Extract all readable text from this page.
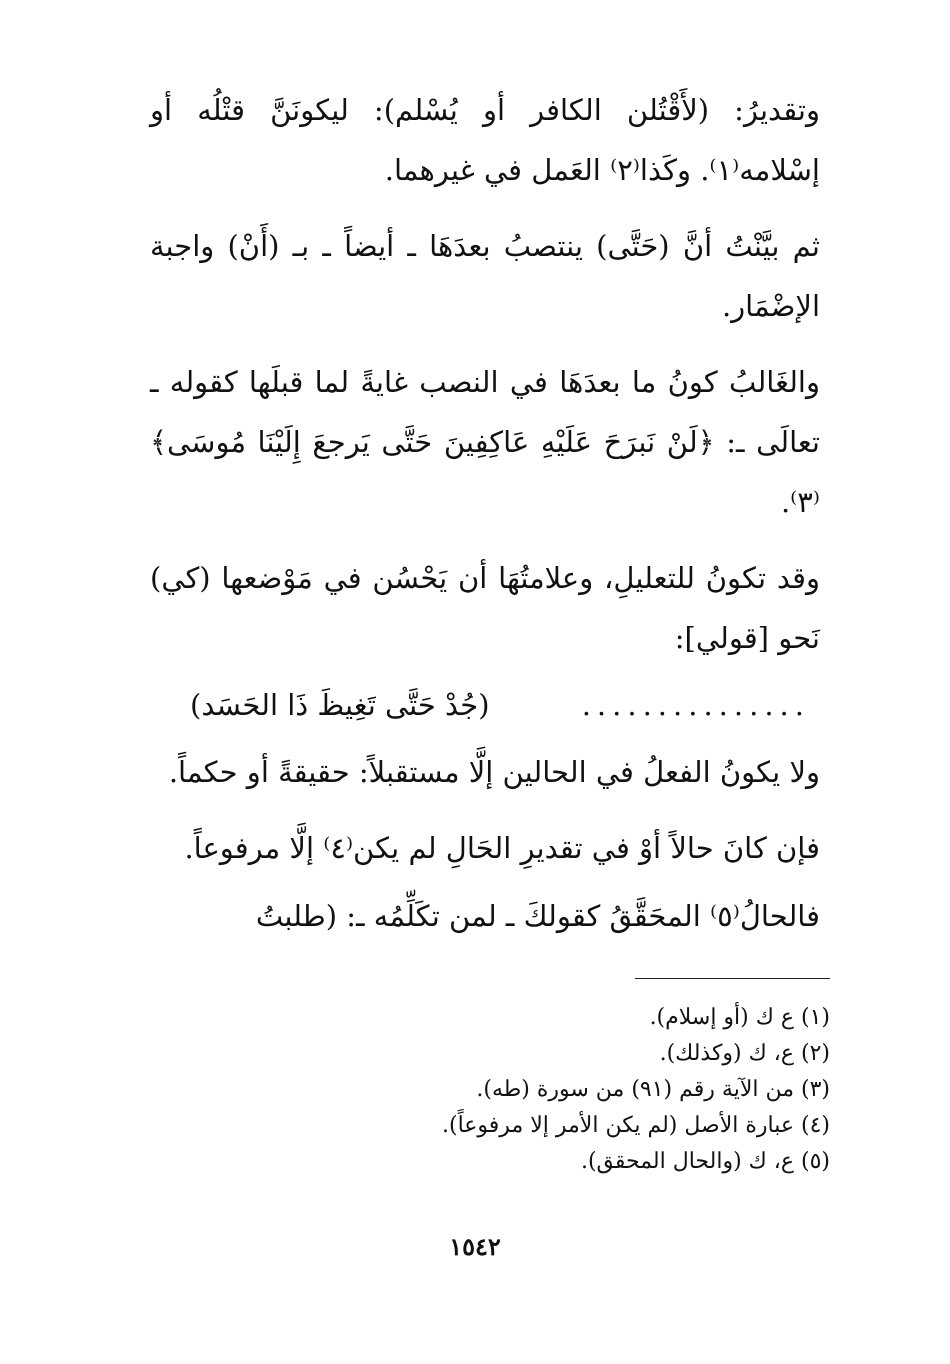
وتقديرُ: (لأَقْتُلن الكافر أو يُسْلم): ليكونَنَّ قتْلُه أو إسْلامه⁽١⁾. وكَذا⁽٢⁾ العَمل في غيرهما.

ثم بيَّنْتُ أنَّ (حَتَّى) ينتصبُ بعدَهَا ـ أيضاً ـ بـ (أَنْ) واجبة الإضْمَار.

والغَالبُ كونُ ما بعدَهَا في النصب غايةً لما قبلَها كقوله ـ تعالَى ـ: ﴿لَنْ نَبرَحَ عَلَيْهِ عَاكِفِينَ حَتَّى يَرجعَ إِلَيْنَا مُوسَى﴾⁽٣⁾.

وقد تكونُ للتعليلِ، وعلامتُهَا أن يَحْسُن في مَوْضعها (كي) نَحو [قولي]:

...............
(جُدْ حَتَّى تَغِيظَ ذَا الحَسَد)

ولا يكونُ الفعلُ في الحالين إلَّا مستقبلاً: حقيقةً أو حكماً.

فإن كانَ حالاً أوْ في تقديرِ الحَالِ لم يكن⁽٤⁾ إلَّا مرفوعاً.

فالحالُ⁽٥⁾ المحَقَّقُ كقولكَ ـ لمن تكَلِّمُه ـ: (طلبتُ

(١) ع ك (أو إسلام).
(٢) ع، ك (وكذلك).
(٣) من الآية رقم (٩١) من سورة (طه).
(٤) عبارة الأصل (لم يكن الأمر إلا مرفوعاً).
(٥) ع، ك (والحال المحقق).
١٥٤٢
